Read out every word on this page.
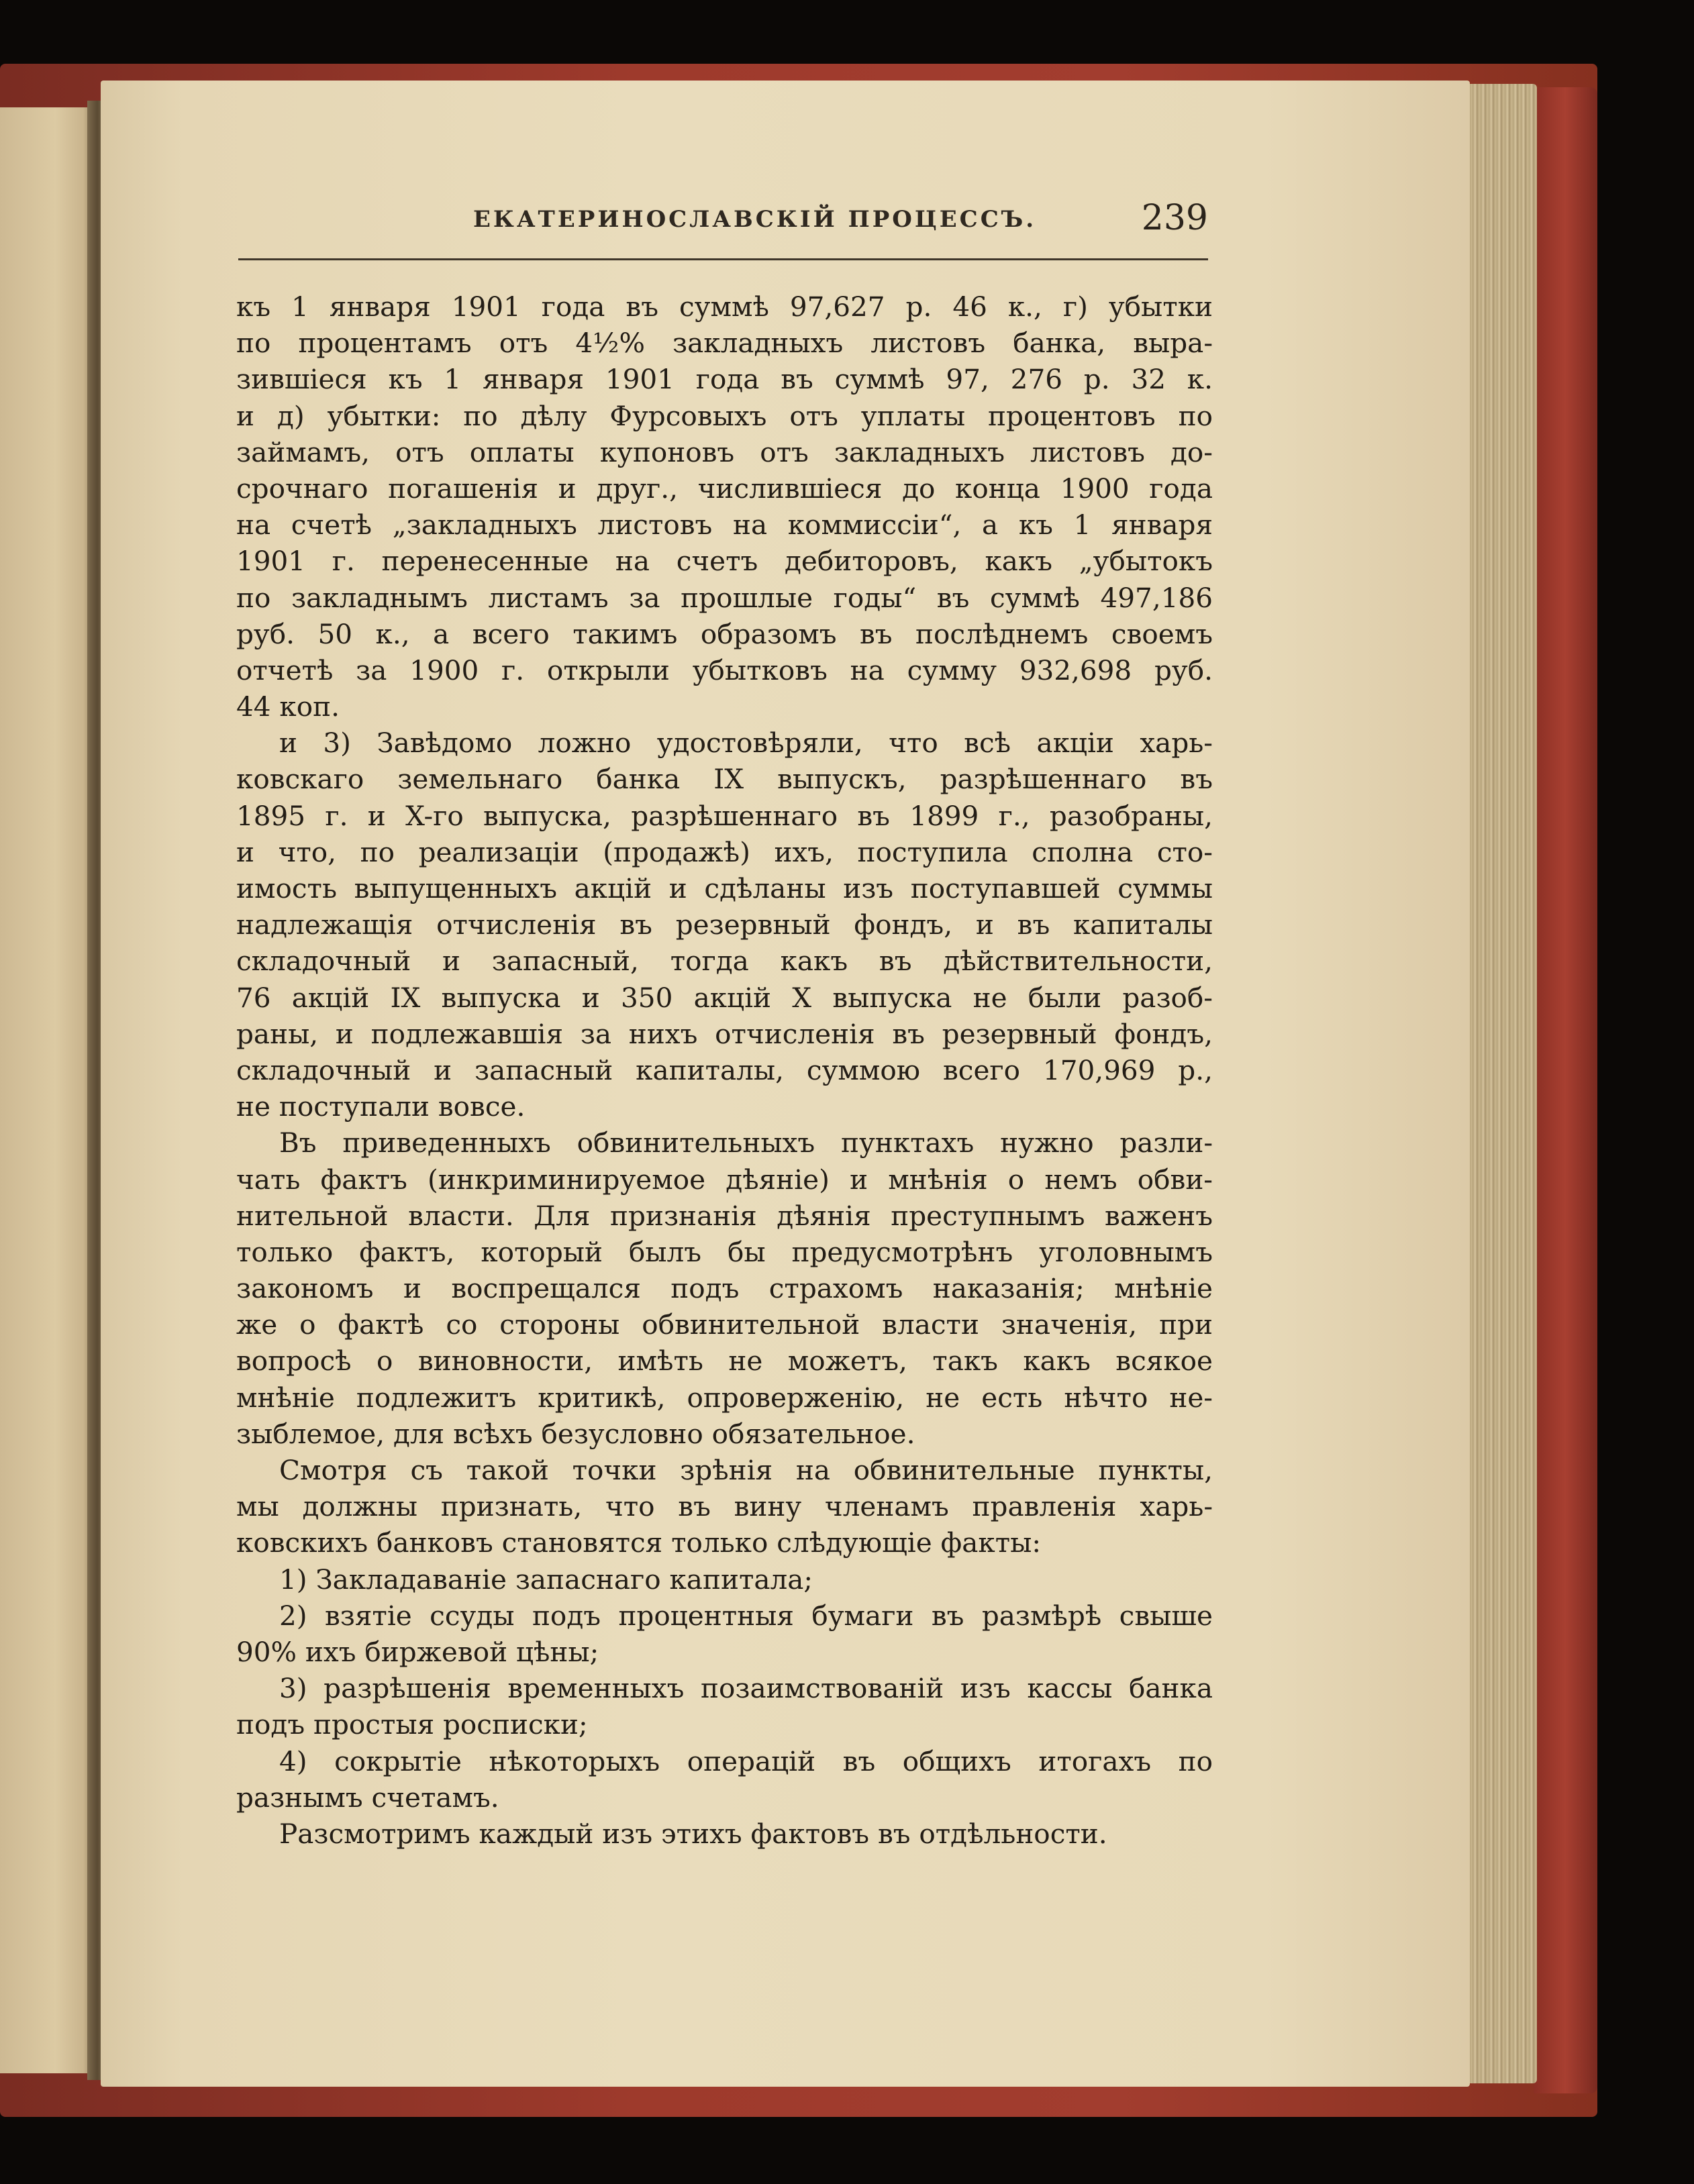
ЕКАТЕРИНОСЛАВСКІЙ ПРОЦЕССЪ.	239
къ 1 января 1901 года въ суммѣ 97,627 р. 46 к., г) убытки
по процентамъ отъ 4½% закладныхъ листовъ банка, выра-
зившіеся къ 1 января 1901 года въ суммѣ 97, 276 р. 32 к.
и д) убытки: по дѣлу Фурсовыхъ отъ уплаты процентовъ по
займамъ, отъ оплаты купоновъ отъ закладныхъ листовъ до-
срочнаго погашенія и друг., числившіеся до конца 1900 года
на счетѣ „закладныхъ листовъ на коммиссіи“, а къ 1 января
1901 г. перенесенные на счетъ дебиторовъ, какъ „убытокъ
по закладнымъ листамъ за прошлые годы“ въ суммѣ 497,186
руб. 50 к., а всего такимъ образомъ въ послѣднемъ своемъ
отчетѣ за 1900 г. открыли убытковъ на сумму 932,698 руб.
44 коп.
и 3) Завѣдомо ложно удостовѣряли, что всѣ акціи харь-
ковскаго земельнаго банка IX выпускъ, разрѣшеннаго въ
1895 г. и X-го выпуска, разрѣшеннаго въ 1899 г., разобраны,
и что, по реализаціи (продажѣ) ихъ, поступила сполна сто-
имость выпущенныхъ акцій и сдѣланы изъ поступавшей суммы
надлежащія отчисленія въ резервный фондъ, и въ капиталы
складочный и запасный, тогда какъ въ дѣйствительности,
76 акцій IX выпуска и 350 акцій X выпуска не были разоб-
раны, и подлежавшія за нихъ отчисленія въ резервный фондъ,
складочный и запасный капиталы, суммою всего 170,969 р.,
не поступали вовсе.
Въ приведенныхъ обвинительныхъ пунктахъ нужно разли-
чать фактъ (инкриминируемое дѣяніе) и мнѣнія о немъ обви-
нительной власти. Для признанія дѣянія преступнымъ важенъ
только фактъ, который былъ бы предусмотрѣнъ уголовнымъ
закономъ и воспрещался подъ страхомъ наказанія; мнѣніе
же о фактѣ со стороны обвинительной власти значенія, при
вопросѣ о виновности, имѣть не можетъ, такъ какъ всякое
мнѣніе подлежитъ критикѣ, опроверженію, не есть нѣчто не-
зыблемое, для всѣхъ безусловно обязательное.
Смотря съ такой точки зрѣнія на обвинительные пункты,
мы должны признать, что въ вину членамъ правленія харь-
ковскихъ банковъ становятся только слѣдующіе факты:
1) Закладаваніе запаснаго капитала;
2) взятіе ссуды подъ процентныя бумаги въ размѣрѣ свыше
90% ихъ биржевой цѣны;
3) разрѣшенія временныхъ позаимствованій изъ кассы банка
подъ простыя росписки;
4) сокрытіе нѣкоторыхъ операцій въ общихъ итогахъ по
разнымъ счетамъ.
Разсмотримъ каждый изъ этихъ фактовъ въ отдѣльности.
